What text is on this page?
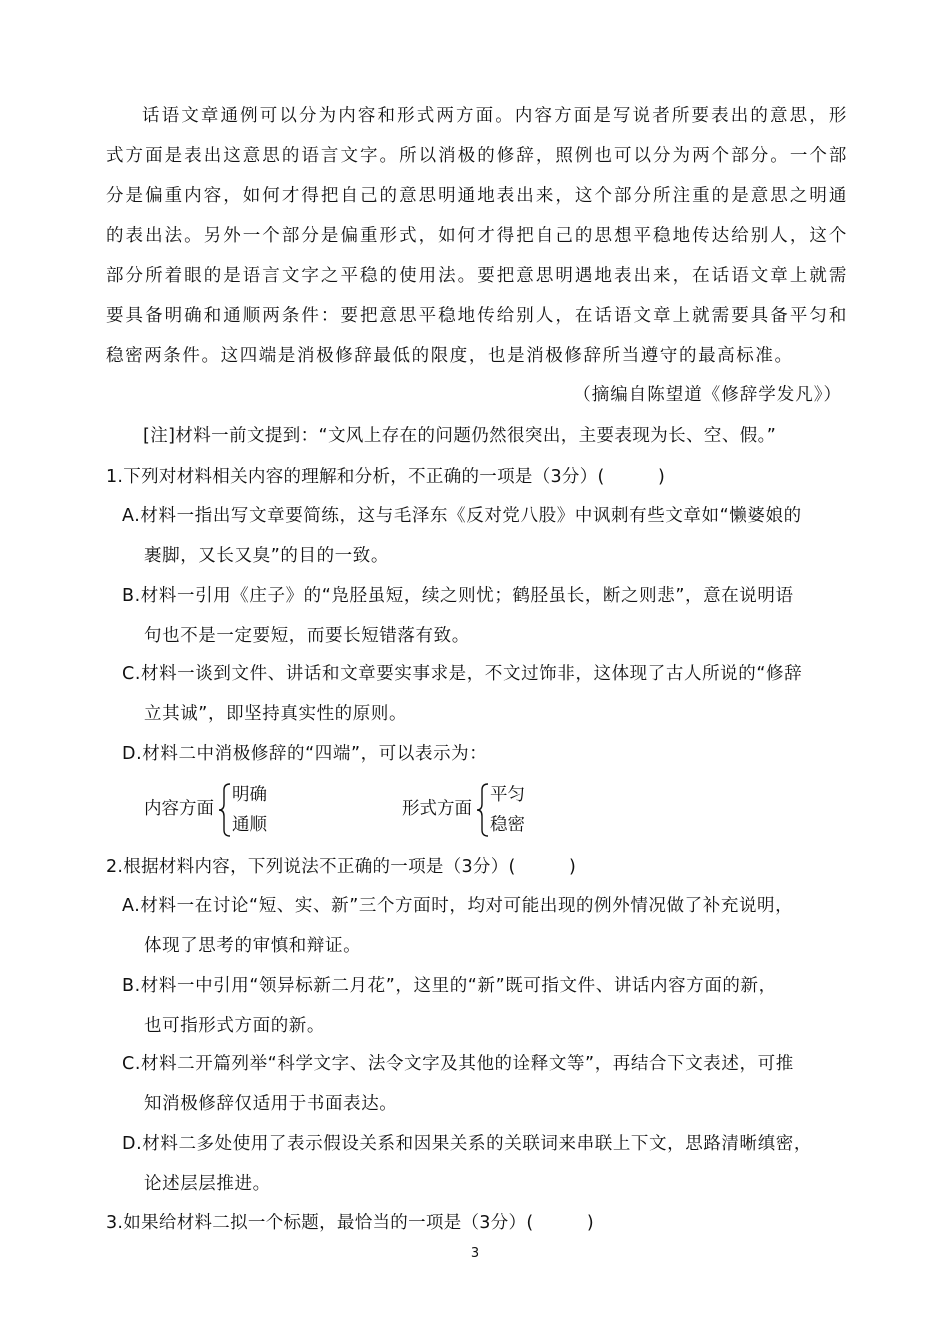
话语文章通例可以分为内容和形式两方面。内容方面是写说者所要表出的意思，形式方面是表出这意思的语言文字。所以消极的修辞，照例也可以分为两个部分。一个部分是偏重内容，如何才得把自己的意思明通地表出来，这个部分所注重的是意思之明通的表出法。另外一个部分是偏重形式，如何才得把自己的思想平稳地传达给别人，这个部分所着眼的是语言文字之平稳的使用法。要把意思明遇地表出来，在话语文章上就需要具备明确和通顺两条件：要把意思平稳地传给别人，在话语文章上就需要具备平匀和稳密两条件。这四端是消极修辞最低的限度，也是消极修辞所当遵守的最高标准。
（摘编自陈望道《修辞学发凡》）
[注]材料一前文提到：“文风上存在的问题仍然很突出，主要表现为长、空、假。”
1.下列对材料相关内容的理解和分析，不正确的一项是（3分）(　　　)
A.材料一指出写文章要简练，这与毛泽东《反对党八股》中讽刺有些文章如“懒婆娘的
裹脚，又长又臭”的目的一致。
B.材料一引用《庄子》的“凫胫虽短，续之则忧；鹤胫虽长，断之则悲”，意在说明语
句也不是一定要短，而要长短错落有致。
C.材料一谈到文件、讲话和文章要实事求是，不文过饰非，这体现了古人所说的“修辞
立其诚”，即坚持真实性的原则。
D.材料二中消极修辞的“四端”，可以表示为：
内容方面
明确
通顺
形式方面
平匀
稳密
2.根据材料内容，下列说法不正确的一项是（3分）(　　　)
A.材料一在讨论“短、实、新”三个方面时，均对可能出现的例外情况做了补充说明，
体现了思考的审慎和辩证。
B.材料一中引用“领异标新二月花”，这里的“新”既可指文件、讲话内容方面的新，
也可指形式方面的新。
C.材料二开篇列举“科学文字、法令文字及其他的诠释文等”，再结合下文表述，可推
知消极修辞仅适用于书面表达。
D.材料二多处使用了表示假设关系和因果关系的关联词来串联上下文，思路清晰缜密，
论述层层推进。
3.如果给材料二拟一个标题，最恰当的一项是（3分）(　　　)
3
